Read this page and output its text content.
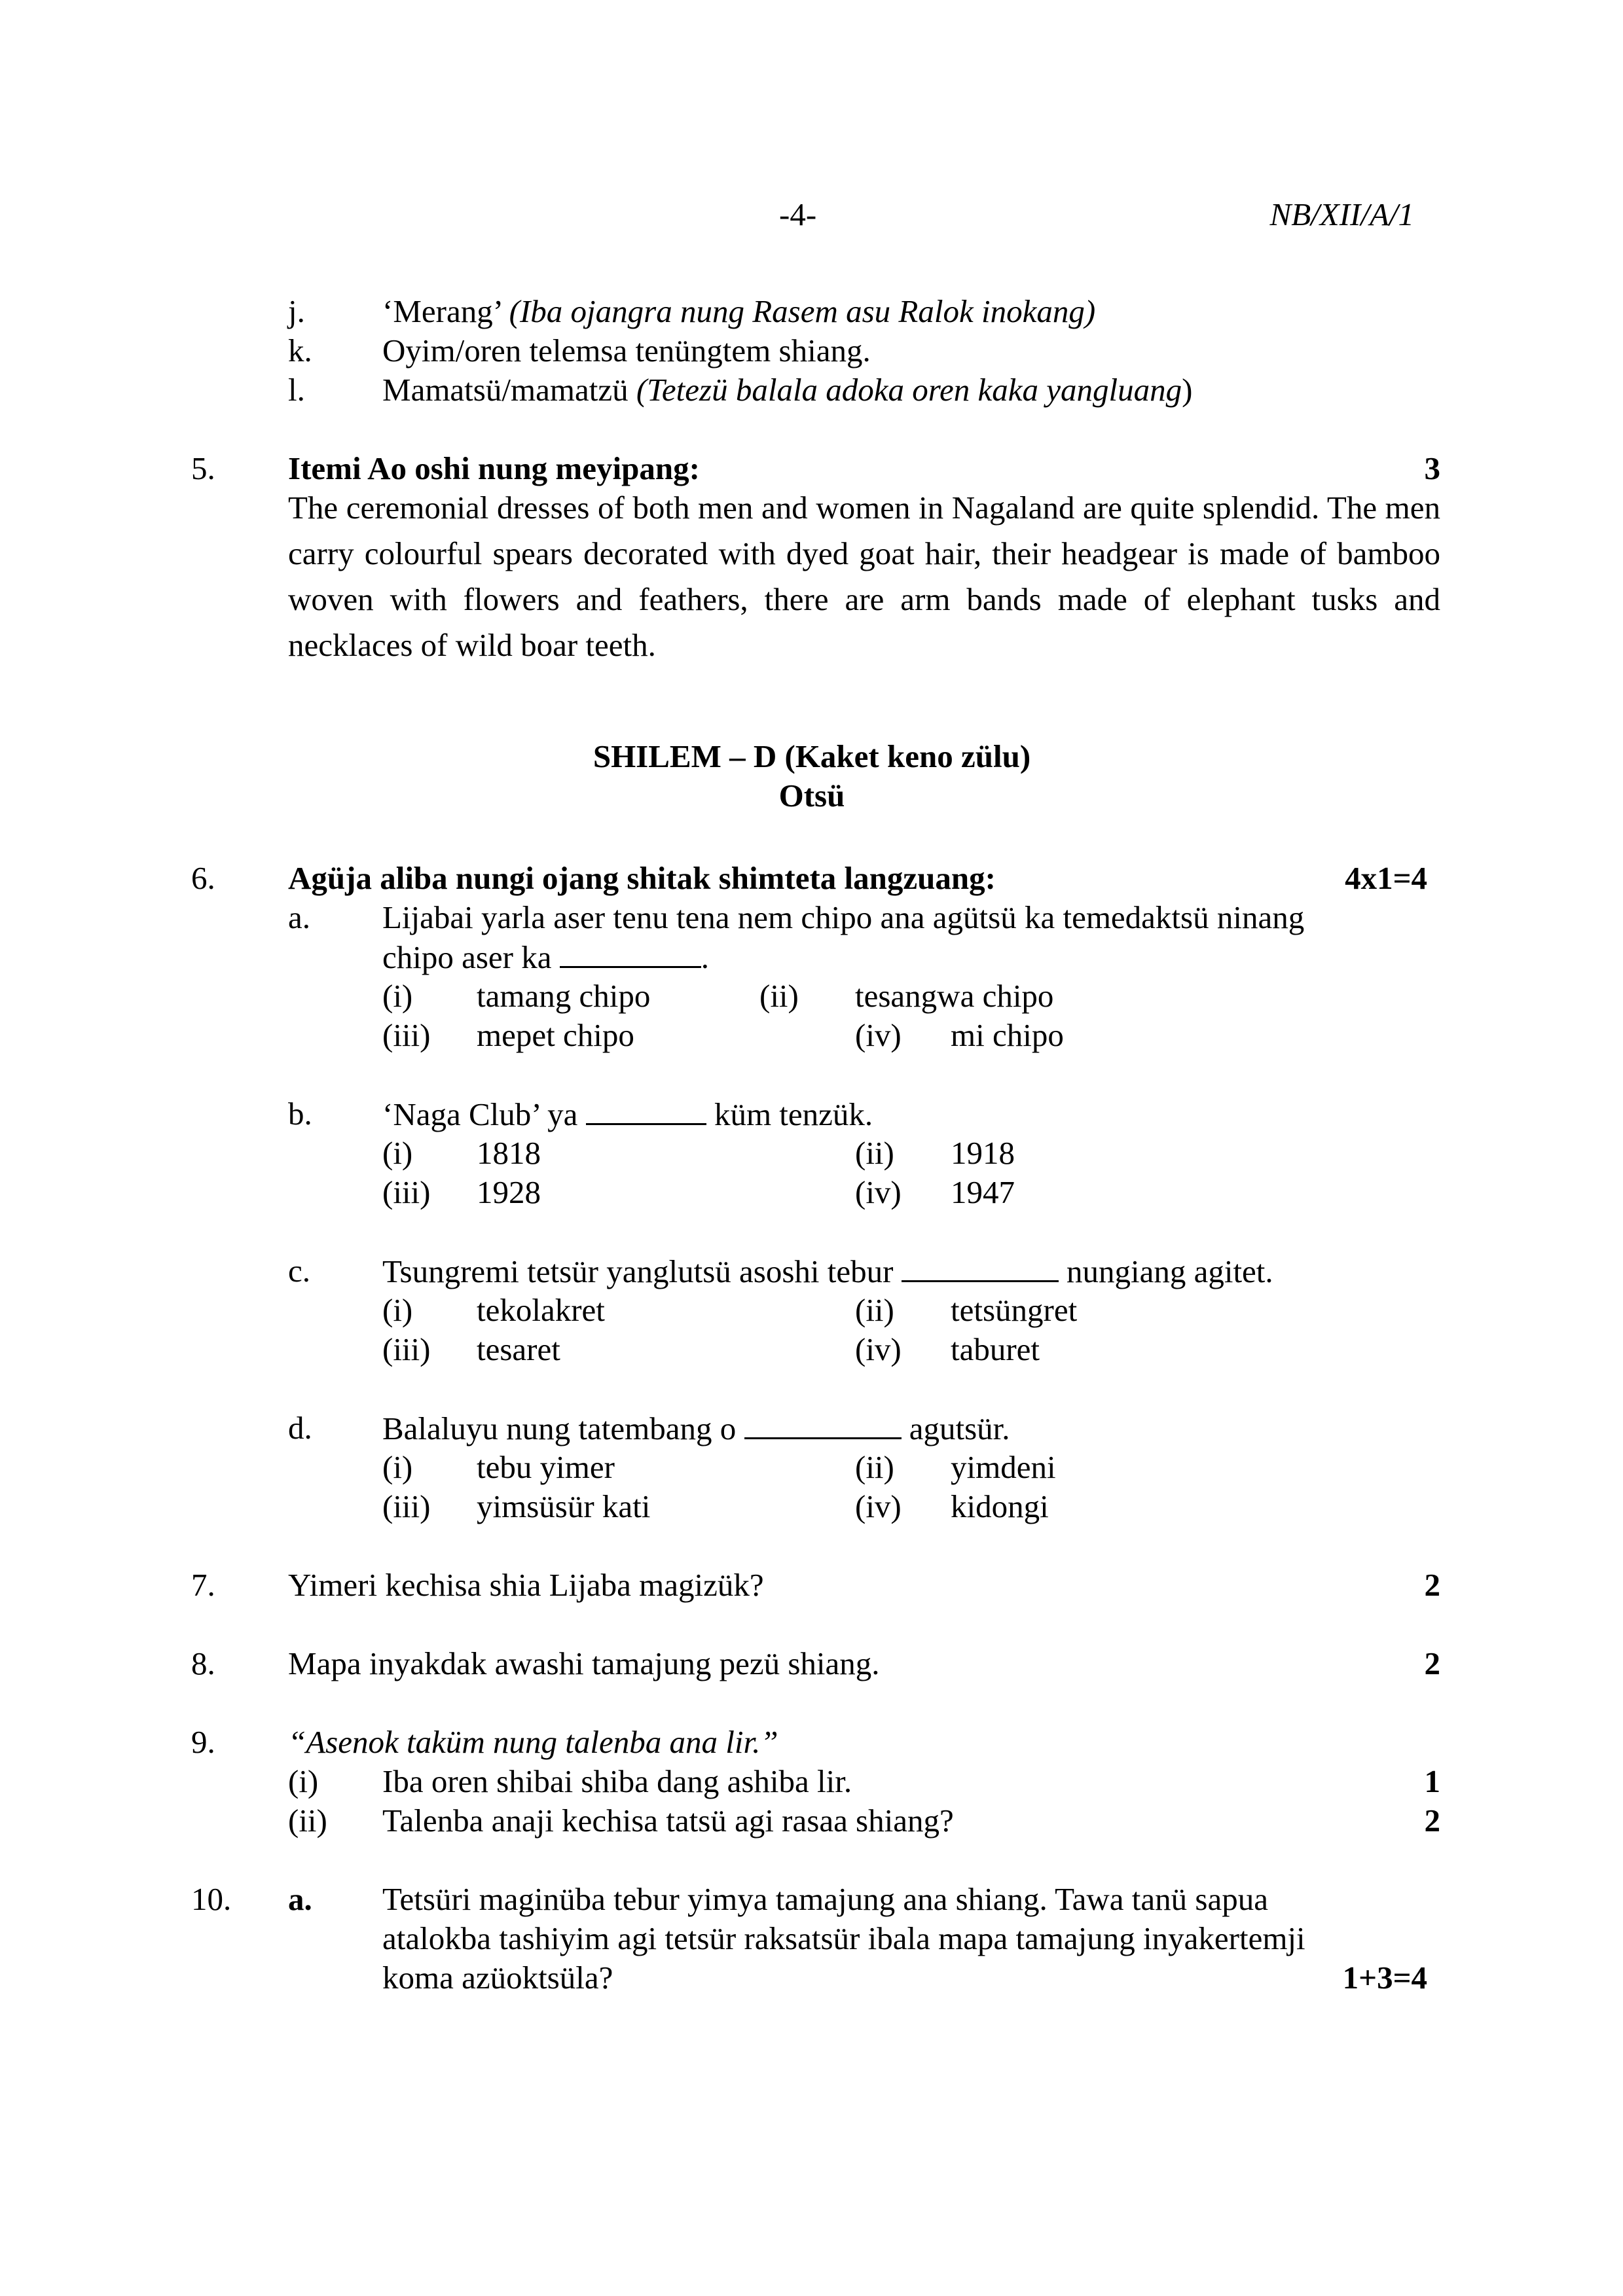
-4-	NB/XII/A/1
j. ‘Merang’ (Iba ojangra nung Rasem asu Ralok inokang)
k. Oyim/oren telemsa tenüngtem shiang.
l. Mamatsü/mamatzü (Tetezü balala adoka oren kaka yangluang)
5. Itemi Ao oshi nung meyipang:	3

The ceremonial dresses of both men and women in Nagaland are quite splendid. The men carry colourful spears decorated with dyed goat hair, their headgear is made of bamboo woven with flowers and feathers, there are arm bands made of elephant tusks and necklaces of wild boar teeth.

SHILEM – D (Kaket keno zülu)
Otsü
6. Agüja aliba nungi ojang shitak shimteta langzuang:	4x1=4
a. Lijabai yarla aser tenu tena nem chipo ana agütsü ka temedaktsü ninang
chipo aser ka	.
(i) tamang chipo	(ii) tesangwa chipo
(iii) mepet chipo	(iv) mi chipo
b. ‘Naga Club’ ya	küm tenzük.
(i) 1818	(ii) 1918
(iii) 1928	(iv) 1947
c. Tsungremi tetsür yanglutsü asoshi tebur	nungiang agitet.
(i) tekolakret	(ii) tetsüngret
(iii) tesaret	(iv) taburet
d. Balaluyu nung tatembang o	agutsür.
(i) tebu yimer	(ii) yimdeni
(iii) yimsüsür kati	(iv) kidongi
7. Yimeri kechisa shia Lijaba magizük?	2
8. Mapa inyakdak awashi tamajung pezü shiang.	2
9. “Asenok taküm nung talenba ana lir.”
(i) Iba oren shibai shiba dang ashiba lir.	1
(ii) Talenba anaji kechisa tatsü agi rasaa shiang?	2
10. a. Tetsüri maginüba tebur yimya tamajung ana shiang. Tawa tanü sapua
atalokba tashiyim agi tetsür raksatsür ibala mapa tamajung inyakertemji
koma azüoktsüla?	1+3=4
